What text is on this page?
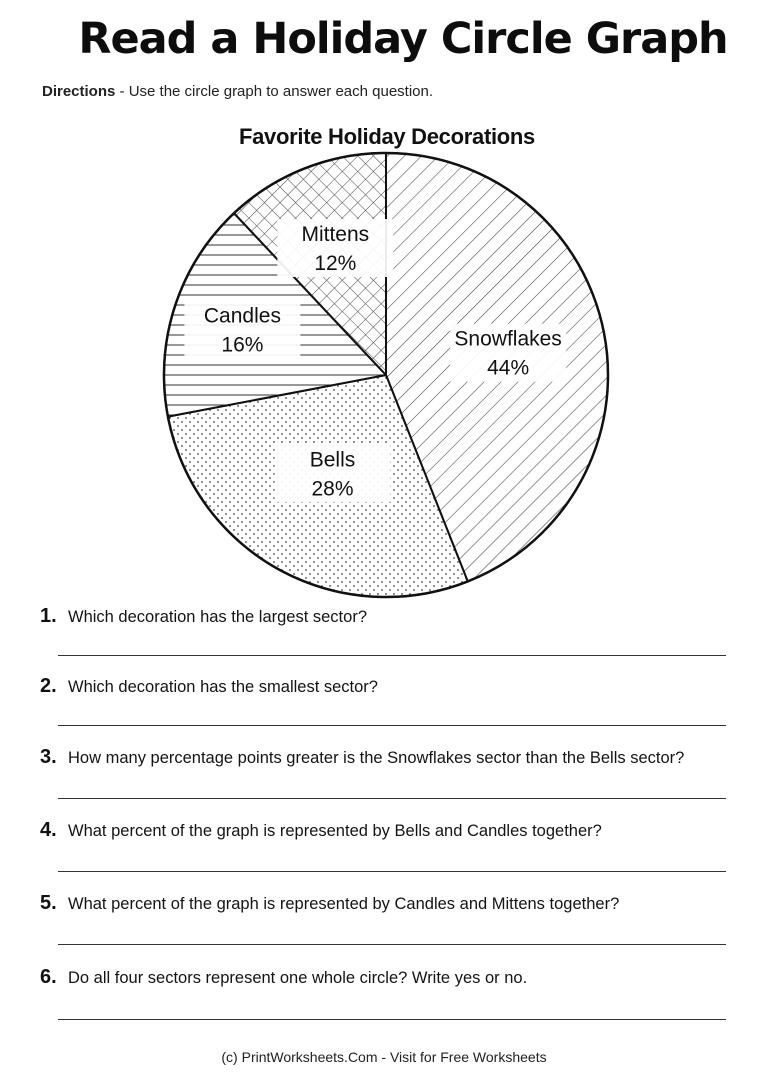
Read a Holiday Circle Graph
Directions - Use the circle graph to answer each question.
Favorite Holiday Decorations
Snowflakes
44%
Bells
28%
Candles
16%
Mittens
12%
1. Which decoration has the largest sector?
2. Which decoration has the smallest sector?
3. How many percentage points greater is the Snowflakes sector than the Bells sector?
4. What percent of the graph is represented by Bells and Candles together?
5. What percent of the graph is represented by Candles and Mittens together?
6. Do all four sectors represent one whole circle? Write yes or no.
(c) PrintWorksheets.Com - Visit for Free Worksheets
